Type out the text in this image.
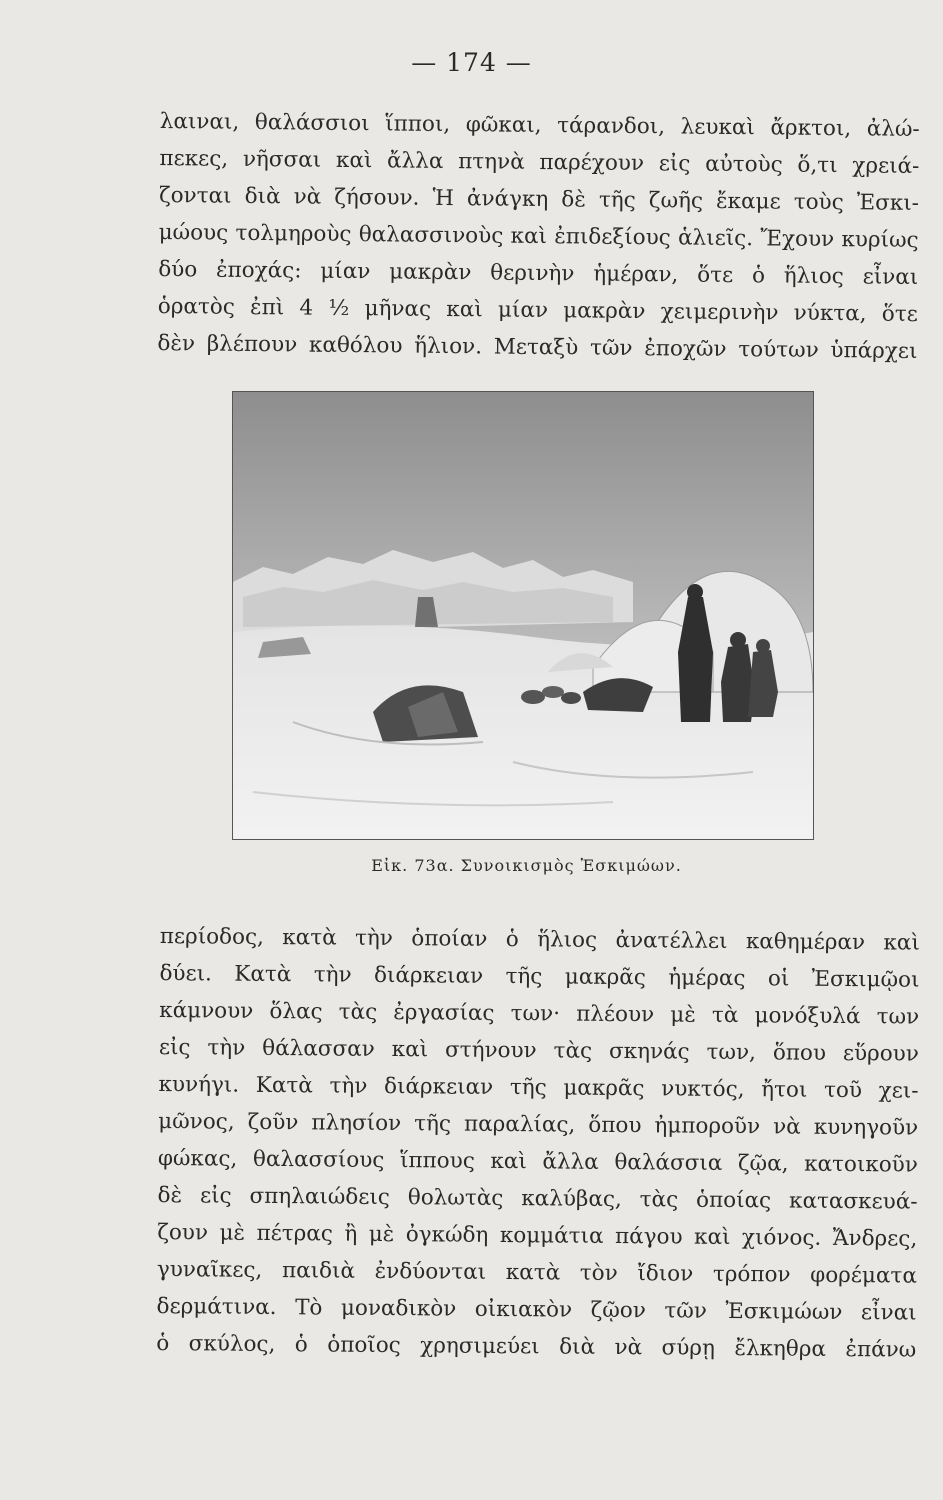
— 174 —
λαιναι, θαλάσσιοι ἵπποι, φῶκαι, τάρανδοι, λευκαὶ ἄρκτοι, ἀλώ-
πεκες, νῆσσαι καὶ ἄλλα πτηνὰ παρέχουν εἰς αὐτοὺς ὅ,τι χρειά-
ζονται διὰ νὰ ζήσουν. Ἡ ἀνάγκη δὲ τῆς ζωῆς ἔκαμε τοὺς Ἐσκι-
μώους τολμηροὺς θαλασσινοὺς καὶ ἐπιδεξίους ἁλιεῖς. Ἔχουν κυρίως
δύο ἐποχάς: μίαν μακρὰν θερινὴν ἡμέραν, ὅτε ὁ ἥλιος εἶναι
ὁρατὸς ἐπὶ 4 ½ μῆνας καὶ μίαν μακρὰν χειμερινὴν νύκτα, ὅτε
δὲν βλέπουν καθόλου ἥλιον. Μεταξὺ τῶν ἐποχῶν τούτων ὑπάρχει
Εἰκ. 73α. Συνοικισμὸς Ἐσκιμώων.
περίοδος, κατὰ τὴν ὁποίαν ὁ ἥλιος ἀνατέλλει καθημέραν καὶ
δύει. Κατὰ τὴν διάρκειαν τῆς μακρᾶς ἡμέρας οἱ Ἐσκιμῷοι
κάμνουν ὅλας τὰς ἐργασίας των· πλέουν μὲ τὰ μονόξυλά των
εἰς τὴν θάλασσαν καὶ στήνουν τὰς σκηνάς των, ὅπου εὕρουν
κυνήγι. Κατὰ τὴν διάρκειαν τῆς μακρᾶς νυκτός, ἤτοι τοῦ χει-
μῶνος, ζοῦν πλησίον τῆς παραλίας, ὅπου ἠμποροῦν νὰ κυνηγοῦν
φώκας, θαλασσίους ἵππους καὶ ἄλλα θαλάσσια ζῷα, κατοικοῦν
δὲ εἰς σπηλαιώδεις θολωτὰς καλύβας, τὰς ὁποίας κατασκευά-
ζουν μὲ πέτρας ἢ μὲ ὀγκώδη κομμάτια πάγου καὶ χιόνος. Ἄνδρες,
γυναῖκες, παιδιὰ ἐνδύονται κατὰ τὸν ἴδιον τρόπον φορέματα
δερμάτινα. Τὸ μοναδικὸν οἰκιακὸν ζῷον τῶν Ἐσκιμώων εἶναι
ὁ σκύλος, ὁ ὁποῖος χρησιμεύει διὰ νὰ σύρῃ ἔλκηθρα ἐπάνω
